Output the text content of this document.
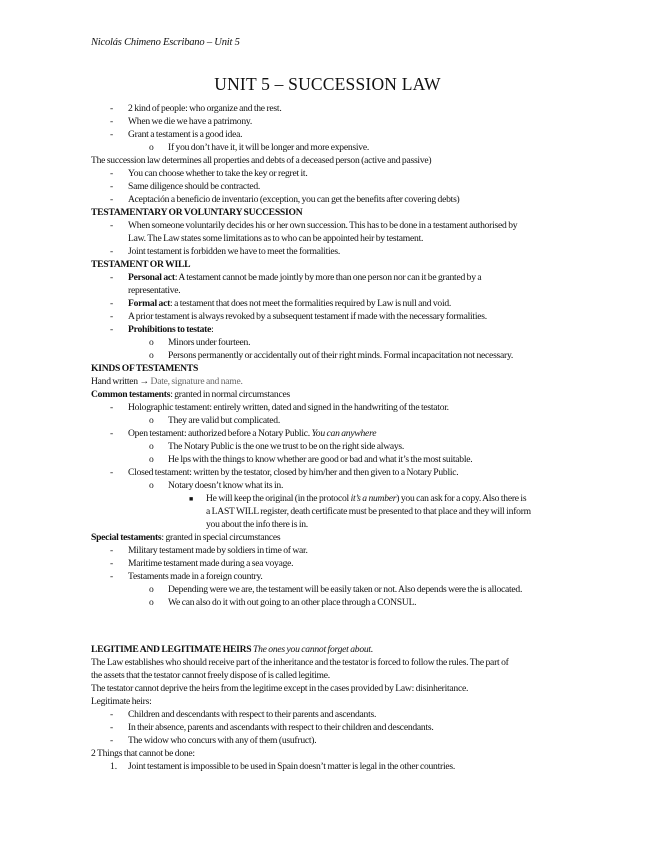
Nicolás Chimeno Escribano – Unit 5
UNIT 5 – SUCCESSION LAW
- 2 kind of people: who organize and the rest.
- When we die we have a patrimony.
- Grant a testament is a good idea.
o If you don’t have it, it will be longer and more expensive.
The succession law determines all properties and debts of a deceased person (active and passive)
- You can choose whether to take the key or regret it.
- Same diligence should be contracted.
- Aceptación a beneficio de inventario (exception, you can get the benefits after covering debts)
TESTAMENTARY OR VOLUNTARY SUCCESSION
- When someone voluntarily decides his or her own succession. This has to be done in a testament authorised by
Law. The Law states some limitations as to who can be appointed heir by testament.
- Joint testament is forbidden we have to meet the formalities.
TESTAMENT OR WILL
- Personal act: A testament cannot be made jointly by more than one person nor can it be granted by a
representative.
- Formal act: a testament that does not meet the formalities required by Law is null and void.
- A prior testament is always revoked by a subsequent testament if made with the necessary formalities.
- Prohibitions to testate:
o Minors under fourteen.
o Persons permanently or accidentally out of their right minds. Formal incapacitation not necessary.
KINDS OF TESTAMENTS
Hand written → Date, signature and name.
Common testaments: granted in normal circumstances
- Holographic testament: entirely written, dated and signed in the handwriting of the testator.
o They are valid but complicated.
- Open testament: authorized before a Notary Public. You can anywhere
o The Notary Public is the one we trust to be on the right side always.
o He lps with the things to know whether are good or bad and what it’s the most suitable.
- Closed testament: written by the testator, closed by him/her and then given to a Notary Public.
o Notary doesn’t know what its in.
■ He will keep the original (in the protocol it’s a number) you can ask for a copy. Also there is
a LAST WILL register, death certificate must be presented to that place and they will inform
you about the info there is in.
Special testaments: granted in special circumstances
- Military testament made by soldiers in time of war.
- Maritime testament made during a sea voyage.
- Testaments made in a foreign country.
o Depending were we are, the testament will be easily taken or not. Also depends were the is allocated.
o We can also do it with out going to an other place through a CONSUL.
LEGITIME AND LEGITIMATE HEIRS The ones you cannot forget about.
The Law establishes who should receive part of the inheritance and the testator is forced to follow the rules. The part of
the assets that the testator cannot freely dispose of is called legitime.
The testator cannot deprive the heirs from the legitime except in the cases provided by Law: disinheritance.
Legitimate heirs:
- Children and descendants with respect to their parents and ascendants.
- In their absence, parents and ascendants with respect to their children and descendants.
- The widow who concurs with any of them (usufruct).
2 Things that cannot be done:
1. Joint testament is impossible to be used in Spain doesn’t matter is legal in the other countries.
